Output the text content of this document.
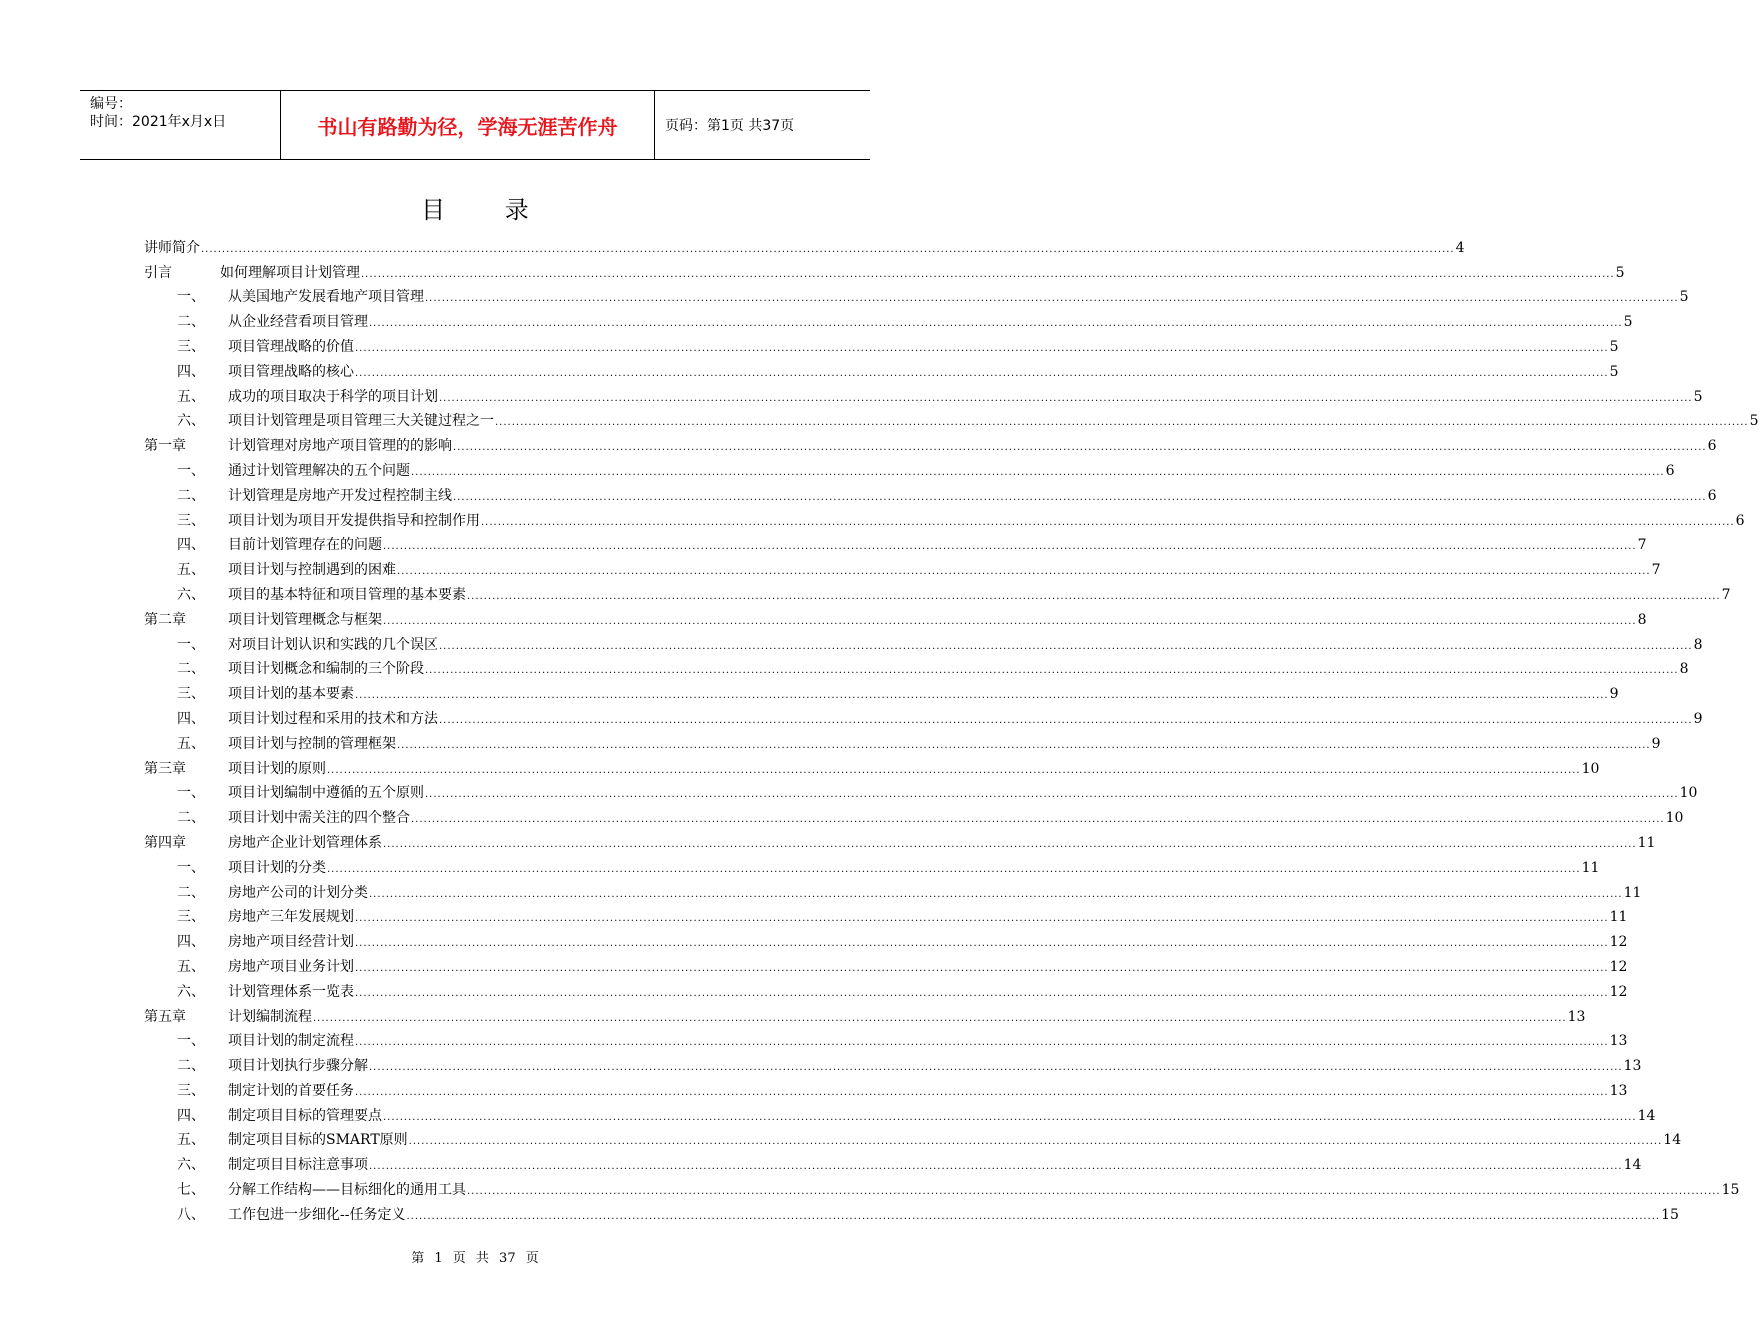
编号：
时间：2021年x月x日	书山有路勤为径，学海无涯苦作舟	页码：第1页 共37页
目 录
讲师简介 ............................................................................................................................................................................................................................................................................................................ 4
引言	如何理解项目计划管理 ............................................................................................................................................................................................................................................................................................................ 5
一、	从美国地产发展看地产项目管理 ............................................................................................................................................................................................................................................................................................................ 5
二、	从企业经营看项目管理 ............................................................................................................................................................................................................................................................................................................ 5
三、	项目管理战略的价值 ............................................................................................................................................................................................................................................................................................................ 5
四、	项目管理战略的核心 ............................................................................................................................................................................................................................................................................................................ 5
五、	成功的项目取决于科学的项目计划 ............................................................................................................................................................................................................................................................................................................ 5
六、	项目计划管理是项目管理三大关键过程之一 ............................................................................................................................................................................................................................................................................................................ 5
第一章	计划管理对房地产项目管理的的影响 ............................................................................................................................................................................................................................................................................................................ 6
一、	通过计划管理解决的五个问题 ............................................................................................................................................................................................................................................................................................................ 6
二、	计划管理是房地产开发过程控制主线 ............................................................................................................................................................................................................................................................................................................ 6
三、	项目计划为项目开发提供指导和控制作用 ............................................................................................................................................................................................................................................................................................................ 6
四、	目前计划管理存在的问题 ............................................................................................................................................................................................................................................................................................................ 7
五、	项目计划与控制遇到的困难 ............................................................................................................................................................................................................................................................................................................ 7
六、	项目的基本特征和项目管理的基本要素 ............................................................................................................................................................................................................................................................................................................ 7
第二章	项目计划管理概念与框架 ............................................................................................................................................................................................................................................................................................................ 8
一、	对项目计划认识和实践的几个误区 ............................................................................................................................................................................................................................................................................................................ 8
二、	项目计划概念和编制的三个阶段 ............................................................................................................................................................................................................................................................................................................ 8
三、	项目计划的基本要素 ............................................................................................................................................................................................................................................................................................................ 9
四、	项目计划过程和采用的技术和方法 ............................................................................................................................................................................................................................................................................................................ 9
五、	项目计划与控制的管理框架 ............................................................................................................................................................................................................................................................................................................ 9
第三章	项目计划的原则 ............................................................................................................................................................................................................................................................................................................ 10
一、	项目计划编制中遵循的五个原则 ............................................................................................................................................................................................................................................................................................................ 10
二、	项目计划中需关注的四个整合 ............................................................................................................................................................................................................................................................................................................ 10
第四章	房地产企业计划管理体系 ............................................................................................................................................................................................................................................................................................................ 11
一、	项目计划的分类 ............................................................................................................................................................................................................................................................................................................ 11
二、	房地产公司的计划分类 ............................................................................................................................................................................................................................................................................................................ 11
三、	房地产三年发展规划 ............................................................................................................................................................................................................................................................................................................ 11
四、	房地产项目经营计划 ............................................................................................................................................................................................................................................................................................................ 12
五、	房地产项目业务计划 ............................................................................................................................................................................................................................................................................................................ 12
六、	计划管理体系一览表 ............................................................................................................................................................................................................................................................................................................ 12
第五章	计划编制流程 ............................................................................................................................................................................................................................................................................................................ 13
一、	项目计划的制定流程 ............................................................................................................................................................................................................................................................................................................ 13
二、	项目计划执行步骤分解 ............................................................................................................................................................................................................................................................................................................ 13
三、	制定计划的首要任务 ............................................................................................................................................................................................................................................................................................................ 13
四、	制定项目目标的管理要点 ............................................................................................................................................................................................................................................................................................................ 14
五、	制定项目目标的SMART原则 ............................................................................................................................................................................................................................................................................................................ 14
六、	制定项目目标注意事项 ............................................................................................................................................................................................................................................................................................................ 14
七、	分解工作结构——目标细化的通用工具 ............................................................................................................................................................................................................................................................................................................ 15
八、	工作包进一步细化--任务定义 ............................................................................................................................................................................................................................................................................................................ 15
第 1 页 共 37 页
